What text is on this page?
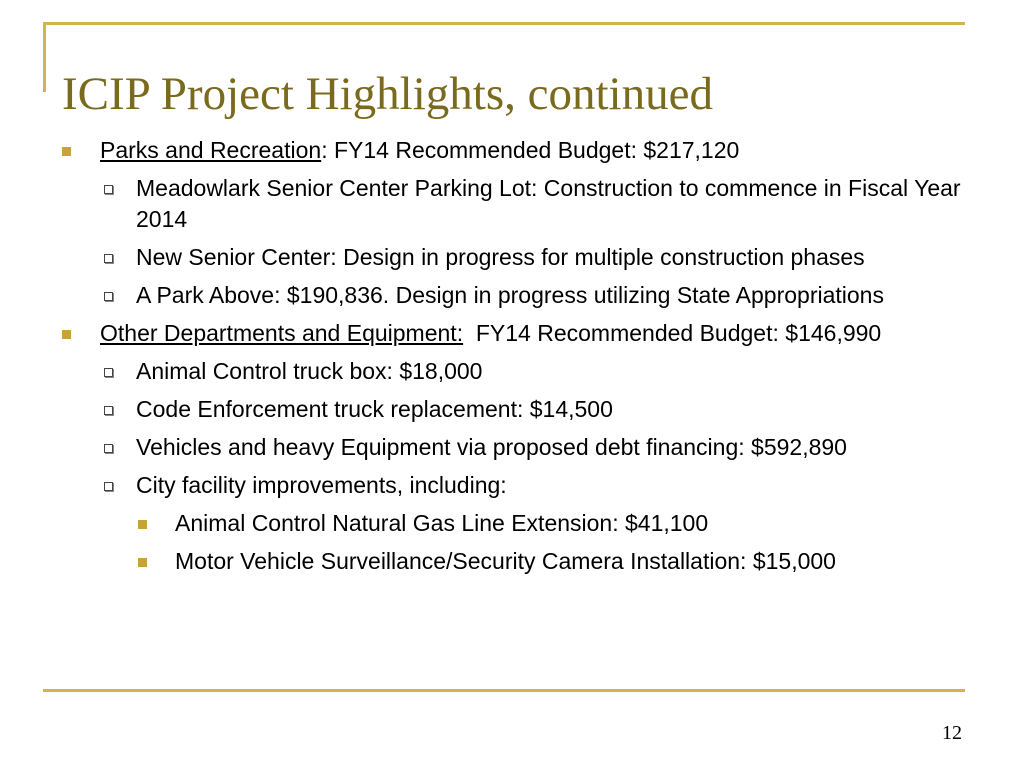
ICIP Project Highlights, continued

Parks and Recreation: FY14 Recommended Budget: $217,120

Meadowlark Senior Center Parking Lot: Construction to commence in Fiscal Year 2014

New Senior Center: Design in progress for multiple construction phases

A Park Above: $190,836. Design in progress utilizing State Appropriations

Other Departments and Equipment:  FY14 Recommended Budget: $146,990

Animal Control truck box: $18,000

Code Enforcement truck replacement: $14,500

Vehicles and heavy Equipment via proposed debt financing: $592,890

City facility improvements, including:

Animal Control Natural Gas Line Extension: $41,100

Motor Vehicle Surveillance/Security Camera Installation: $15,000

12
